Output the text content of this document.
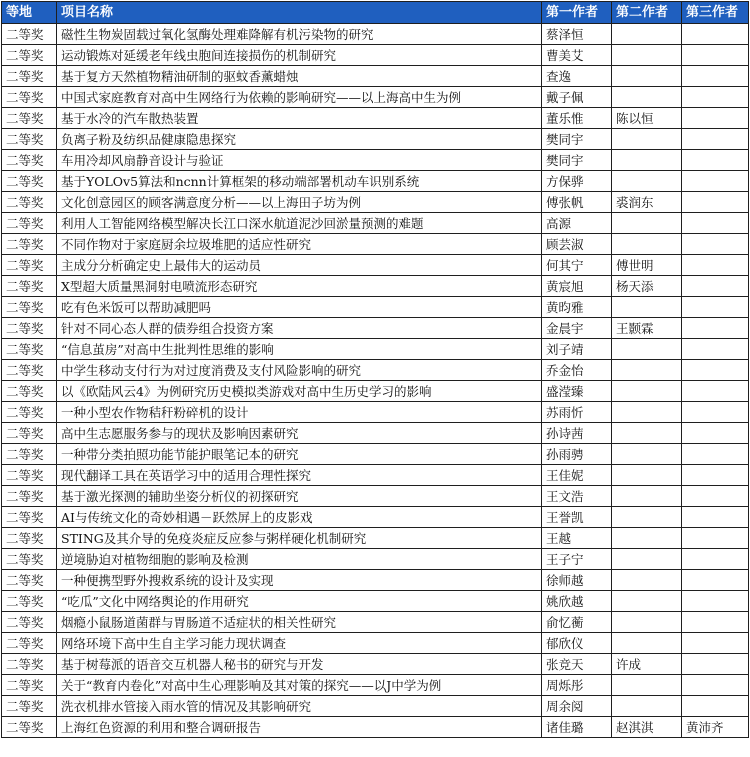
等地	项目名称	第一作者	第二作者	第三作者
二等奖	磁性生物炭固载过氧化氢酶处理难降解有机污染物的研究	蔡泽恒		
二等奖	运动锻炼对延缓老年线虫胞间连接损伤的机制研究	曹美艾		
二等奖	基于复方天然植物精油研制的驱蚊香薰蜡烛	查逸		
二等奖	中国式家庭教育对高中生网络行为依赖的影响研究——以上海高中生为例	戴子佩		
二等奖	基于水冷的汽车散热装置	董乐惟	陈以恒	
二等奖	负离子粉及纺织品健康隐患探究	樊同宇		
二等奖	车用冷却风扇静音设计与验证	樊同宇		
二等奖	基于YOLOv5算法和ncnn计算框架的移动端部署机动车识别系统	方保骅		
二等奖	文化创意园区的顾客满意度分析——以上海田子坊为例	傅张帆	裘润东	
二等奖	利用人工智能网络模型解决长江口深水航道泥沙回淤量预测的难题	高源		
二等奖	不同作物对于家庭厨余垃圾堆肥的适应性研究	顾芸淑		
二等奖	主成分分析确定史上最伟大的运动员	何其宁	傅世明	
二等奖	X型超大质量黑洞射电喷流形态研究	黄宸旭	杨天添	
二等奖	吃有色米饭可以帮助减肥吗	黄昀雅		
二等奖	针对不同心态人群的债券组合投资方案	金晨宇	王颢霖	
二等奖	“信息茧房”对高中生批判性思维的影响	刘子靖		
二等奖	中学生移动支付行为对过度消费及支付风险影响的研究	乔金怡		
二等奖	以《欧陆风云4》为例研究历史模拟类游戏对高中生历史学习的影响	盛滢臻		
二等奖	一种小型农作物秸秆粉碎机的设计	苏雨忻		
二等奖	高中生志愿服务参与的现状及影响因素研究	孙诗茜		
二等奖	一种带分类拍照功能节能护眼笔记本的研究	孙雨骋		
二等奖	现代翻译工具在英语学习中的适用合理性探究	王佳妮		
二等奖	基于激光探测的辅助坐姿分析仪的初探研究	王文浩		
二等奖	AI与传统文化的奇妙相遇－跃然屏上的皮影戏	王誉凯		
二等奖	STING及其介导的免疫炎症反应参与粥样硬化机制研究	王越		
二等奖	逆境胁迫对植物细胞的影响及检测	王子宁		
二等奖	一种便携型野外搜救系统的设计及实现	徐师越		
二等奖	“吃瓜”文化中网络舆论的作用研究	姚欣越		
二等奖	烟瘾小鼠肠道菌群与胃肠道不适症状的相关性研究	俞忆蘅		
二等奖	网络环境下高中生自主学习能力现状调查	郁欣仪		
二等奖	基于树莓派的语音交互机器人秘书的研究与开发	张竞天	许成	
二等奖	关于“教育内卷化”对高中生心理影响及其对策的探究——以J中学为例	周烁彤		
二等奖	洗衣机排水管接入雨水管的情况及其影响研究	周余阅		
二等奖	上海红色资源的利用和整合调研报告	诸佳璐	赵淇淇	黄沛齐
